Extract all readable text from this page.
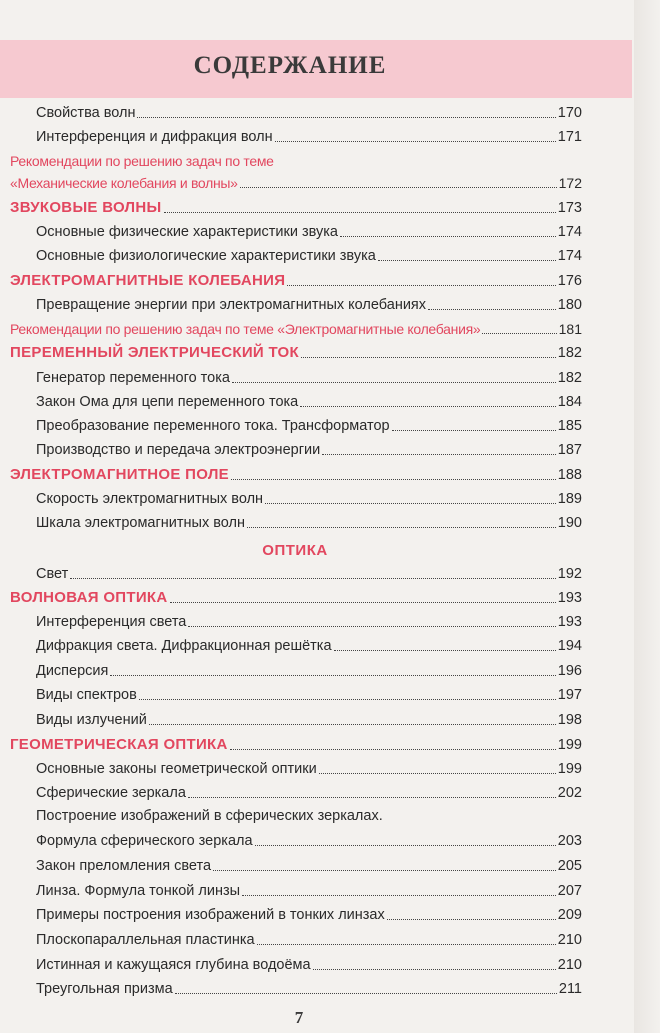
СОДЕРЖАНИЕ
Свойства волн	170
Интерференция и дифракция волн	171
Рекомендации по решению задач по теме
«Механические колебания и волны»	172
ЗВУКОВЫЕ ВОЛНЫ	173
Основные физические характеристики звука	174
Основные физиологические характеристики звука	174
ЭЛЕКТРОМАГНИТНЫЕ КОЛЕБАНИЯ	176
Превращение энергии при электромагнитных колебаниях	180
Рекомендации по решению задач по теме «Электромагнитные колебания»	181
ПЕРЕМЕННЫЙ ЭЛЕКТРИЧЕСКИЙ ТОК	182
Генератор переменного тока	182
Закон Ома для цепи переменного тока	184
Преобразование переменного тока. Трансформатор	185
Производство и передача электроэнергии	187
ЭЛЕКТРОМАГНИТНОЕ ПОЛЕ	188
Скорость электромагнитных волн	189
Шкала электромагнитных волн	190
ОПТИКА
Свет	192
ВОЛНОВАЯ ОПТИКА	193
Интерференция света	193
Дифракция света. Дифракционная решётка	194
Дисперсия	196
Виды спектров	197
Виды излучений	198
ГЕОМЕТРИЧЕСКАЯ ОПТИКА	199
Основные законы геометрической оптики	199
Сферические зеркала	202
Построение изображений в сферических зеркалах.
Формула сферического зеркала	203
Закон преломления света	205
Линза. Формула тонкой линзы	207
Примеры построения изображений в тонких линзах	209
Плоскопараллельная пластинка	210
Истинная и кажущаяся глубина водоёма	210
Треугольная призма	211
7
